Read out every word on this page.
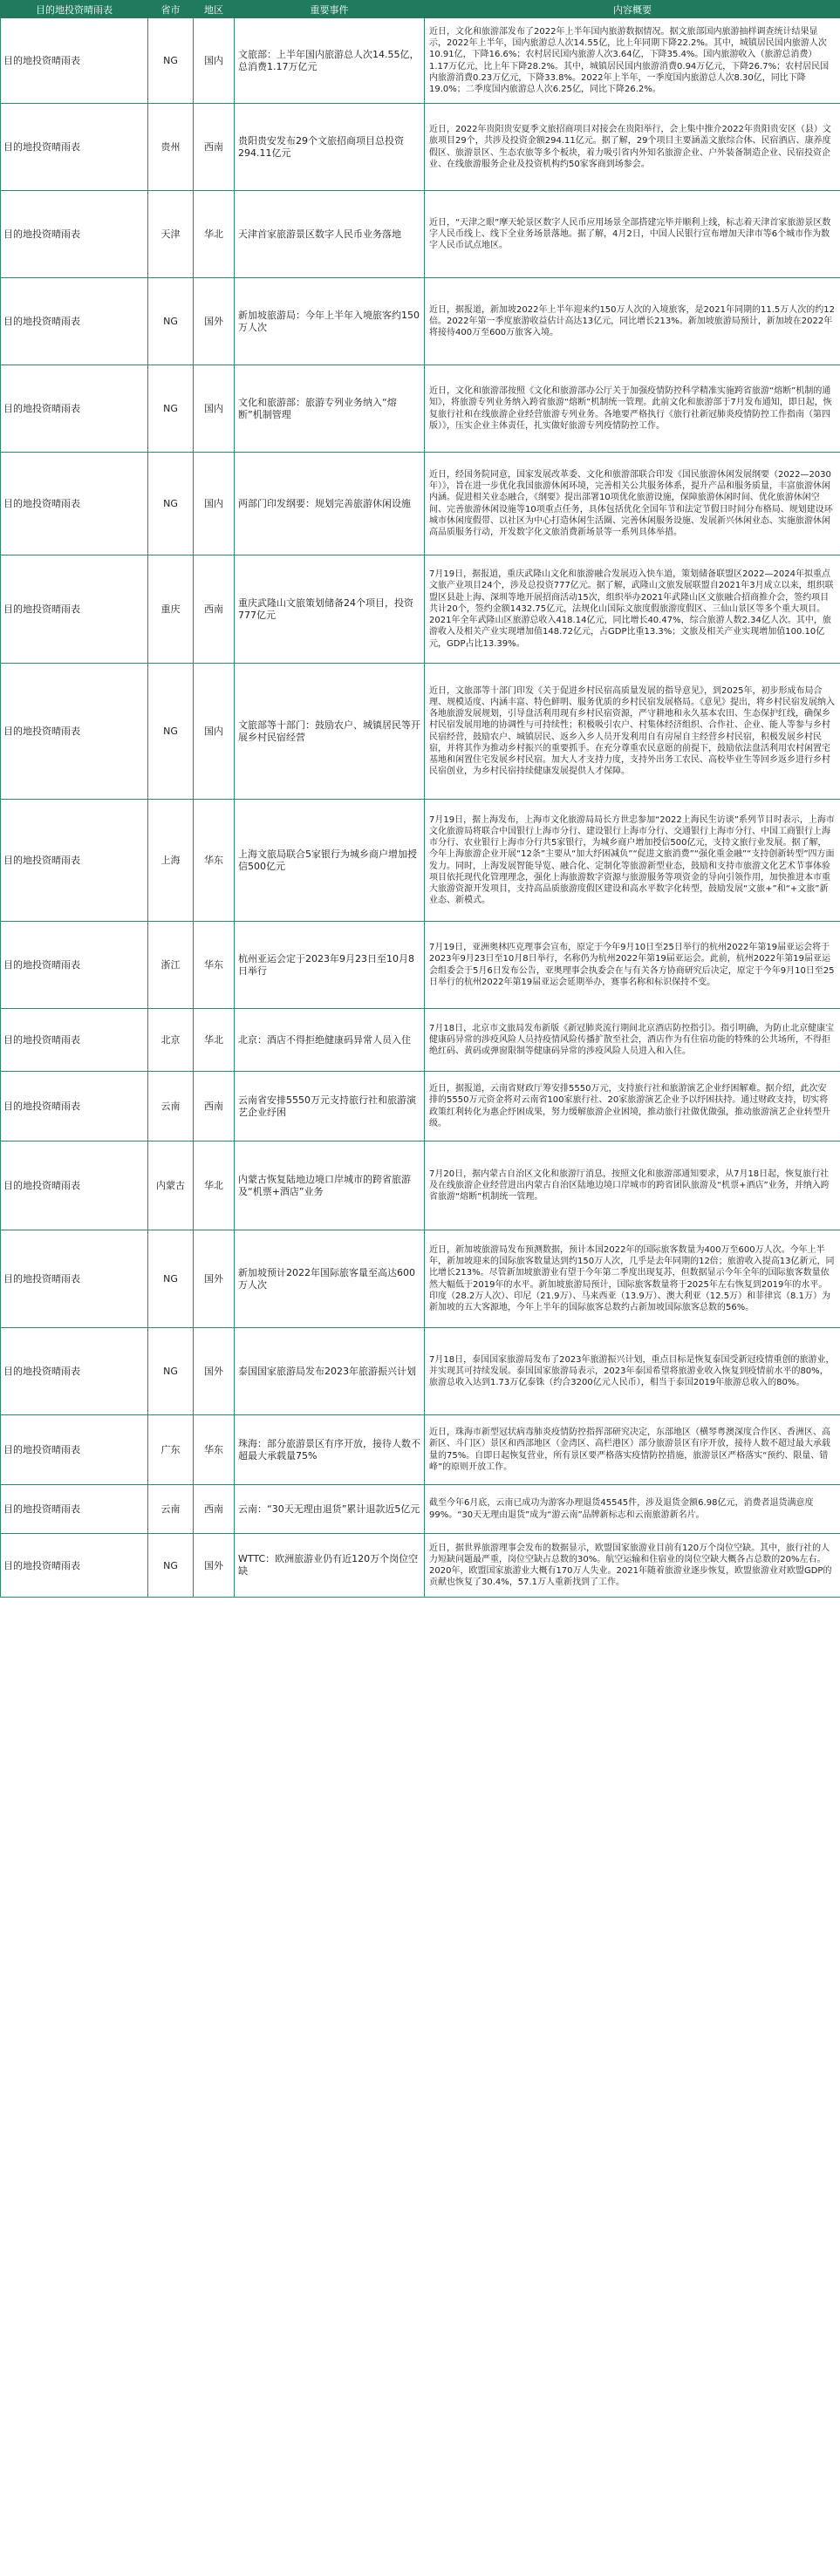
目的地投资晴雨表	省市	地区	重要事件	内容概要
目的地投资晴雨表	NG	国内	文旅部：上半年国内旅游总人次14.55亿，总消费1.17万亿元	近日，文化和旅游部发布了2022年上半年国内旅游数据情况。据文旅部国内旅游抽样调查统计结果显示，2022年上半年，国内旅游总人次14.55亿，比上年同期下降22.2%。其中，城镇居民国内旅游人次10.91亿，下降16.6%；农村居民国内旅游人次3.64亿，下降35.4%。国内旅游收入（旅游总消费）1.17万亿元，比上年下降28.2%。其中，城镇居民国内旅游消费0.94万亿元，下降26.7%；农村居民国内旅游消费0.23万亿元，下降33.8%。2022年上半年，一季度国内旅游总人次8.30亿，同比下降19.0%；二季度国内旅游总人次6.25亿，同比下降26.2%。
目的地投资晴雨表	贵州	西南	贵阳贵安发布29个文旅招商项目总投资294.11亿元	近日，2022年贵阳贵安夏季文旅招商项目对接会在贵阳举行，会上集中推介2022年贵阳贵安区（县）文旅项目29个，共涉及投资金额294.11亿元。据了解，29个项目主要涵盖文旅综合体、民宿酒店、康养度假区、旅游景区、生态农旅等多个板块，着力吸引省内外知名旅游企业、户外装备制造企业、民宿投资企业、在线旅游服务企业及投资机构约50家客商到场参会。
目的地投资晴雨表	天津	华北	天津首家旅游景区数字人民币业务落地	近日，“天津之眼”摩天轮景区数字人民币应用场景全部搭建完毕并顺利上线，标志着天津首家旅游景区数字人民币线上、线下全业务场景落地。据了解，4月2日，中国人民银行宣布增加天津市等6个城市作为数字人民币试点地区。
目的地投资晴雨表	NG	国外	新加坡旅游局：今年上半年入境旅客约150万人次	近日，据报道，新加坡2022年上半年迎来约150万人次的入境旅客，是2021年同期的11.5万人次的约12倍。2022年第一季度旅游收益估计高达13亿元，同比增长213%。新加坡旅游局预计，新加坡在2022年将接待400万至600万旅客入境。
目的地投资晴雨表	NG	国内	文化和旅游部：旅游专列业务纳入“熔断”机制管理	近日，文化和旅游部按照《文化和旅游部办公厅关于加强疫情防控科学精准实施跨省旅游“熔断”机制的通知》，将旅游专列业务纳入跨省旅游“熔断”机制统一管理。此前文化和旅游部于7月发布通知，即日起，恢复旅行社和在线旅游企业经营旅游专列业务。各地要严格执行《旅行社新冠肺炎疫情防控工作指南（第四版）》，压实企业主体责任，扎实做好旅游专列疫情防控工作。
目的地投资晴雨表	NG	国内	两部门印发纲要：规划完善旅游休闲设施	近日，经国务院同意，国家发展改革委、文化和旅游部联合印发《国民旅游休闲发展纲要（2022—2030年）》，旨在进一步优化我国旅游休闲环境，完善相关公共服务体系，提升产品和服务质量，丰富旅游休闲内涵。促进相关业态融合，《纲要》提出部署10项优化旅游设施，保障旅游休闲时间、优化旅游休闲空间、完善旅游休闲设施等10项重点任务，具体包括优化全国年节和法定节假日时间分布格局、规划建设环城市休闲度假带、以社区为中心打造休闲生活圈、完善休闲服务设施、发展新兴休闲业态、实施旅游休闲高品质服务行动，开发数字化文旅消费新场景等一系列具体举措。
目的地投资晴雨表	重庆	西南	重庆武隆山文旅策划储备24个项目，投资777亿元	7月19日，据报道，重庆武隆山文化和旅游融合发展迈入快车道，策划储备联盟区2022—2024年拟重点文旅产业项目24个，涉及总投资777亿元。据了解，武隆山文旅发展联盟自2021年3月成立以来，组织联盟区县赴上海、深圳等地开展招商活动15次，组织举办2021年武隆山区文旅融合招商推介会，签约项目共计20个，签约金额1432.75亿元，法规化山国际文旅度假旅游度假区、三仙山景区等多个重大项目。2021年全年武隆山区旅游总收入418.14亿元，同比增长40.47%，综合旅游人数2.34亿人次。其中，旅游收入及相关产业实现增加值148.72亿元，占GDP比重13.3%；文旅及相关产业实现增加值100.10亿元，GDP占比13.39%。
目的地投资晴雨表	NG	国内	文旅部等十部门：鼓励农户、城镇居民等开展乡村民宿经营	近日，文旅部等十部门印发《关于促进乡村民宿高质量发展的指导意见》，到2025年，初步形成布局合理、规模适度、内涵丰富、特色鲜明、服务优质的乡村民宿发展格局。《意见》提出，将乡村民宿发展纳入各地旅游发展规划，引导盘活利用现有乡村民宿资源，严守耕地和永久基本农田、生态保护红线，确保乡村民宿发展用地的协调性与可持续性；积极吸引农户、村集体经济组织、合作社、企业、能人等参与乡村民宿经营，鼓励农户、城镇居民、返乡入乡人员开发利用自有房屋自主经营乡村民宿，积极发展乡村民宿，并将其作为推动乡村振兴的重要抓手。在充分尊重农民意愿的前提下，鼓励依法盘活利用农村闲置宅基地和闲置住宅发展乡村民宿。加大人才支持力度，支持外出务工农民、高校毕业生等回乡返乡进行乡村民宿创业，为乡村民宿持续健康发展提供人才保障。
目的地投资晴雨表	上海	华东	上海文旅局联合5家银行为城乡商户增加授信500亿元	7月19日，据上海发布，上海市文化旅游局局长方世忠参加“2022上海民生访谈”系列节目时表示，上海市文化旅游局将联合中国银行上海市分行、建设银行上海市分行、交通银行上海市分行、中国工商银行上海市分行、农业银行上海市分行共5家银行，为城乡商户增加授信500亿元，支持文旅行业发展。据了解，今年上海旅游企业开展“12条”主要从“加大纾困减负”“促进文旅消费”“强化重金融”“支持创新转型”四方面发力。同时，上海发展智能导览、融合化、定制化等旅游新型业态，鼓励和支持市旅游文化艺术节事体验项目依托现代化管理理念，强化上海旅游数字资源与旅游服务等项资金的导向引领作用，加快推进本市重大旅游资源开发项目，支持高品质旅游度假区建设和高水平数字化转型，鼓励发展“文旅+”和“+文旅”新业态、新模式。
目的地投资晴雨表	浙江	华东	杭州亚运会定于2023年9月23日至10月8日举行	7月19日，亚洲奥林匹克理事会宣布，原定于今年9月10日至25日举行的杭州2022年第19届亚运会将于2023年9月23日至10月8日举行，名称仍为杭州2022年第19届亚运会。此前，杭州2022年第19届亚运会组委会于5月6日发布公告，亚奥理事会执委会在与有关各方协商研究后决定，原定于今年9月10日至25日举行的杭州2022年第19届亚运会延期举办，赛事名称和标识保持不变。
目的地投资晴雨表	北京	华北	北京：酒店不得拒绝健康码异常人员入住	7月18日，北京市文旅局发布新版《新冠肺炎流行期间北京酒店防控指引》。指引明确，为防止北京健康宝健康码异常的涉疫风险人员持疫情风险传播扩散至社会，酒店作为有住宿功能的特殊的公共场所，不得拒绝红码、黄码或弹窗限制等健康码异常的涉疫风险人员进入和入住。
目的地投资晴雨表	云南	西南	云南省安排5550万元支持旅行社和旅游演艺企业纾困	近日，据报道，云南省财政厅筹安排5550万元，支持旅行社和旅游演艺企业纾困解难。据介绍，此次安排的5550万元资金将对云南省100家旅行社、20家旅游演艺企业予以纾困扶持。通过财政支持，切实将政策红利转化为惠企纾困成果，努力缓解旅游企业困境，推动旅行社做优做强，推动旅游演艺企业转型升级。
目的地投资晴雨表	内蒙古	华北	内蒙古恢复陆地边境口岸城市的跨省旅游及“机票+酒店”业务	7月20日，据内蒙古自治区文化和旅游厅消息，按照文化和旅游部通知要求，从7月18日起，恢复旅行社及在线旅游企业经营进出内蒙古自治区陆地边境口岸城市的跨省团队旅游及“机票+酒店”业务，并纳入跨省旅游“熔断”机制统一管理。
目的地投资晴雨表	NG	国外	新加坡预计2022年国际旅客量至高达600万人次	近日，新加坡旅游局发布预测数据，预计本国2022年的国际旅客数量为400万至600万人次。今年上半年，新加坡迎来的国际旅客数量达到约150万人次，几乎是去年同期的12倍；旅游收入提高13亿新元，同比增长213%。尽管新加坡旅游业有望于今年第二季度出现复苏，但数据显示今年全年的国际旅客数量依然大幅低于2019年的水平。新加坡旅游局预计，国际旅客数量将于2025年左右恢复到2019年的水平。印度（28.2万人次）、印尼（21.9万）、马来西亚（13.9万）、澳大利亚（12.5万）和菲律宾（8.1万）为新加坡的五大客源地，今年上半年的国际旅客总数约占新加坡国际旅客总数的56%。
目的地投资晴雨表	NG	国外	泰国国家旅游局发布2023年旅游振兴计划	7月18日，泰国国家旅游局发布了2023年旅游振兴计划，重点目标是恢复泰国受新冠疫情重创的旅游业，并实现其可持续发展。泰国国家旅游局表示，2023年泰国希望将旅游业收入恢复到疫情前水平的80%，旅游总收入达到1.73万亿泰铢（约合3200亿元人民币），相当于泰国2019年旅游总收入的80%。
目的地投资晴雨表	广东	华东	珠海：部分旅游景区有序开放，接待人数不超最大承载量75%	近日，珠海市新型冠状病毒肺炎疫情防控指挥部研究决定，东部地区（横琴粤澳深度合作区、香洲区、高新区、斗门区）景区和西部地区（金湾区、高栏港区）部分旅游景区有序开放，接待人数不超过最大承载量的75%。自即日起恢复营业，所有景区要严格落实疫情防控措施，旅游景区严格落实“预约、限量、错峰”的原则开放工作。
目的地投资晴雨表	云南	西南	云南：“30天无理由退货”累计退款近5亿元	截至今年6月底，云南已成功为游客办理退货45545件，涉及退货金额6.98亿元，消费者退货满意度99%。“30天无理由退货”成为“游云南”品牌新标志和云南旅游新名片。
目的地投资晴雨表	NG	国外	WTTC：欧洲旅游业仍有近120万个岗位空缺	近日，据世界旅游理事会发布的数据显示，欧盟国家旅游业目前有120万个岗位空缺。其中，旅行社的人力短缺问题最严重，岗位空缺占总数的30%。航空运输和住宿业的岗位空缺大概各占总数的20%左右。2020年，欧盟国家旅游业大概有170万人失业。2021年随着旅游业逐步恢复，欧盟旅游业对欧盟GDP的贡献也恢复了30.4%，57.1万人重新找到了工作。
